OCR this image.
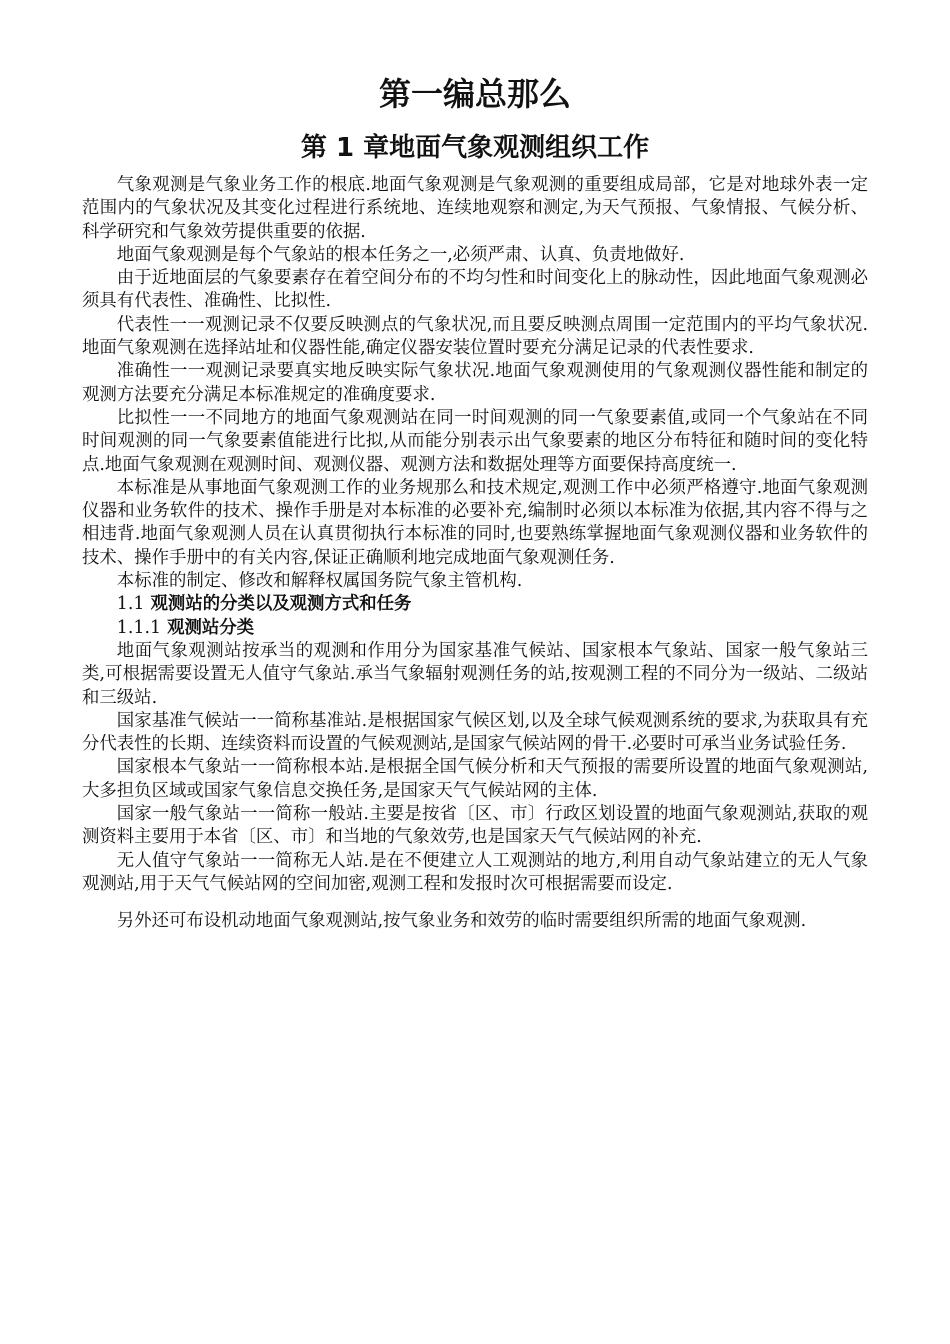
第一编总那么
第 1 章地面气象观测组织工作

气象观测是气象业务工作的根底.地面气象观测是气象观测的重要组成局部，它是对地球外表一定范围内的气象状况及其变化过程进行系统地、连续地观察和测定,为天气预报、气象情报、气候分析、科学研究和气象效劳提供重要的依据.

地面气象观测是每个气象站的根本任务之一,必须严肃、认真、负责地做好.

由于近地面层的气象要素存在着空间分布的不均匀性和时间变化上的脉动性，因此地面气象观测必须具有代表性、准确性、比拟性.

代表性一一观测记录不仅要反映测点的气象状况,而且要反映测点周围一定范围内的平均气象状况.地面气象观测在选择站址和仪器性能,确定仪器安装位置时要充分满足记录的代表性要求.

准确性一一观测记录要真实地反映实际气象状况.地面气象观测使用的气象观测仪器性能和制定的观测方法要充分满足本标准规定的准确度要求.

比拟性一一不同地方的地面气象观测站在同一时间观测的同一气象要素值,或同一个气象站在不同时间观测的同一气象要素值能进行比拟,从而能分别表示出气象要素的地区分布特征和随时间的变化特点.地面气象观测在观测时间、观测仪器、观测方法和数据处理等方面要保持高度统一.

本标准是从事地面气象观测工作的业务规那么和技术规定,观测工作中必须严格遵守.地面气象观测仪器和业务软件的技术、操作手册是对本标准的必要补充,编制时必须以本标准为依据,其内容不得与之相违背.地面气象观测人员在认真贯彻执行本标准的同时,也要熟练掌握地面气象观测仪器和业务软件的技术、操作手册中的有关内容,保证正确顺利地完成地面气象观测任务.

本标准的制定、修改和解释权属国务院气象主管机构.

1.1 观测站的分类以及观测方式和任务

1.1.1 观测站分类

地面气象观测站按承当的观测和作用分为国家基准气候站、国家根本气象站、国家一般气象站三类,可根据需要设置无人值守气象站.承当气象辐射观测任务的站,按观测工程的不同分为一级站、二级站和三级站.

国家基准气候站一一简称基准站.是根据国家气候区划,以及全球气候观测系统的要求,为获取具有充分代表性的长期、连续资料而设置的气候观测站,是国家气候站网的骨干.必要时可承当业务试验任务.

国家根本气象站一一简称根本站.是根据全国气候分析和天气预报的需要所设置的地面气象观测站,大多担负区域或国家气象信息交换任务,是国家天气气候站网的主体.

国家一般气象站一一简称一般站.主要是按省〔区、市〕行政区划设置的地面气象观测站,获取的观测资料主要用于本省〔区、市〕和当地的气象效劳,也是国家天气气候站网的补充.

无人值守气象站一一简称无人站.是在不便建立人工观测站的地方,利用自动气象站建立的无人气象观测站,用于天气气候站网的空间加密,观测工程和发报时次可根据需要而设定.

另外还可布设机动地面气象观测站,按气象业务和效劳的临时需要组织所需的地面气象观测.
